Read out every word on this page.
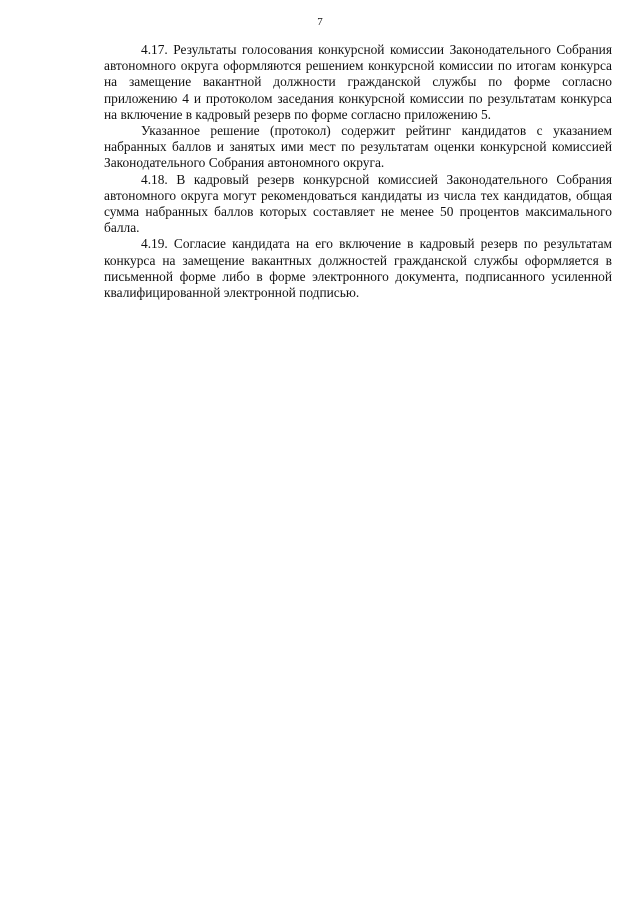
7

4.17. Результаты голосования конкурсной комиссии Законодательного Собрания автономного округа оформляются решением конкурсной комиссии по итогам конкурса на замещение вакантной должности гражданской службы по форме согласно приложению 4 и протоколом заседания конкурсной комиссии по результатам конкурса на включение в кадровый резерв по форме согласно приложению 5.

Указанное решение (протокол) содержит рейтинг кандидатов с указанием набранных баллов и занятых ими мест по результатам оценки конкурсной комиссией Законодательного Собрания автономного округа.

4.18. В кадровый резерв конкурсной комиссией Законодательного Собрания автономного округа могут рекомендоваться кандидаты из числа тех кандидатов, общая сумма набранных баллов которых составляет не менее 50 процентов максимального балла.

4.19. Согласие кандидата на его включение в кадровый резерв по результатам конкурса на замещение вакантных должностей гражданской службы оформляется в письменной форме либо в форме электронного документа, подписанного усиленной квалифицированной электронной подписью.
